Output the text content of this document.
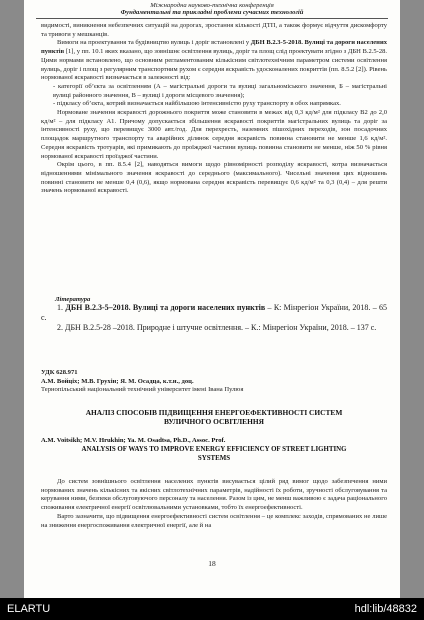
Міжнародна науково-технічна конференція
Фундаментальні та прикладні проблеми сучасних технологій

видимості, виникнення небезпечних ситуацій на дорогах, зростання кількості ДТП, а також формує відчуття дискомфорту та тривоги у мешканців.

Вимоги на проектування та будівництво вулиць і доріг встановлені у ДБН В.2.3-5-2018. Вулиці та дороги населених пунктів [1], у пп. 10.1 яких вказано, що зовнішнє освітлення вулиць, доріг та площ слід проектувати згідно з ДБН В.2.5-28. Цими нормами встановлено, що основним регламентованим кількісним світлотехнічним параметром системи освітлення вулиць, доріг і площ з регулярним транспортним рухом є середня яскравість удосконалених покриттів (пп. 8.5.2 [2]). Рівень нормованої яскравості визначається в залежності від:

- категорії об’єкта за освітленням (А – магістральні дороги та вулиці загальноміського значення, Б – магістральні вулиці районного значення, В – вулиці і дороги місцевого значення);

- підкласу об’єкта, котрий визначається найбільшою інтенсивністю руху транспорту в обох напрямках.

Нормоване значення яскравості дорожнього покриття може становити в межах від 0,3 кд/м² для підкласу В2 до 2,0 кд/м² – для підкласу А1. Причому допускається збільшення яскравості покриттів магістральних вулиць та доріг за інтенсивності руху, що перевищує 3000 авт./год. Для перехресть, наземних пішохідних переходів, зон посадочних площадок маршрутного транспорту та аварійних ділянок середня яскравість повинна становити не менше 1,6 кд/м². Середня яскравість тротуарів, які примикають до проїжджої частини вулиць повинна становити не менше, ніж 50 % рівня нормованої яскравості проїзджої частини.

Окрім цього, в пп. 8.5.4 [2], наводяться вимоги щодо рівномірності розподілу яскравості, котра визначається відношеннями мінімального значення яскравості до середнього (максимального). Чисельні значення цих відношень повинні становити не менше 0,4 (0,6), якщо нормована середня яскравість перевищує 0,6 кд/м² та 0,3 (0,4) – для решти значень нормованої яскравості.

Література

1. ДБН В.2.3-5–2018. Вулиці та дороги населених пунктів – К: Мінрегіон України, 2018. – 65 с.

2. ДБН В.2.5-28 –2018. Природне і штучне освітлення. – К.: Мінрегіон України, 2018. – 137 с.

УДК 628.971
А.М. Войціх; М.В. Грухін; Я. М. Осадца, к.т.н., доц.
Тернопільський національний технічний університет імені Івана Пулюя
АНАЛІЗ СПОСОБІВ ПІДВИЩЕННЯ ЕНЕРГОЕФЕКТИВНОСТІ СИСТЕМ
ВУЛИЧНОГО ОСВІТЛЕННЯ
A.M. Voitsikh; M.V. Hrukhin; Ya. M. Osadtsa, Ph.D., Assoc. Prof.
ANALYSIS OF WAYS TO IMPROVE ENERGY EFFICIENCY OF STREET LIGHTING
SYSTEMS

До систем зовнішнього освітлення населених пунктів висувається цілий ряд вимог щодо забезпечення ними нормованих значень кількісних та якісних світлотехнічних параметрів, надійності їх роботи, зручності обслуговування та керування ними, безпеки обслуговуючого персоналу та населення. Разом із цим, не менш важливою є задача раціонального споживання електричної енергії освітлювальними установками, тобто їх енергоефективності.

Варто зазначити, що підвищення енергоефективності систем освітлення – це комплекс заходів, спрямованих не лише на зниження енергоспоживання електричної енергії, але й на

18
ELARTU	hdl:lib/48832
